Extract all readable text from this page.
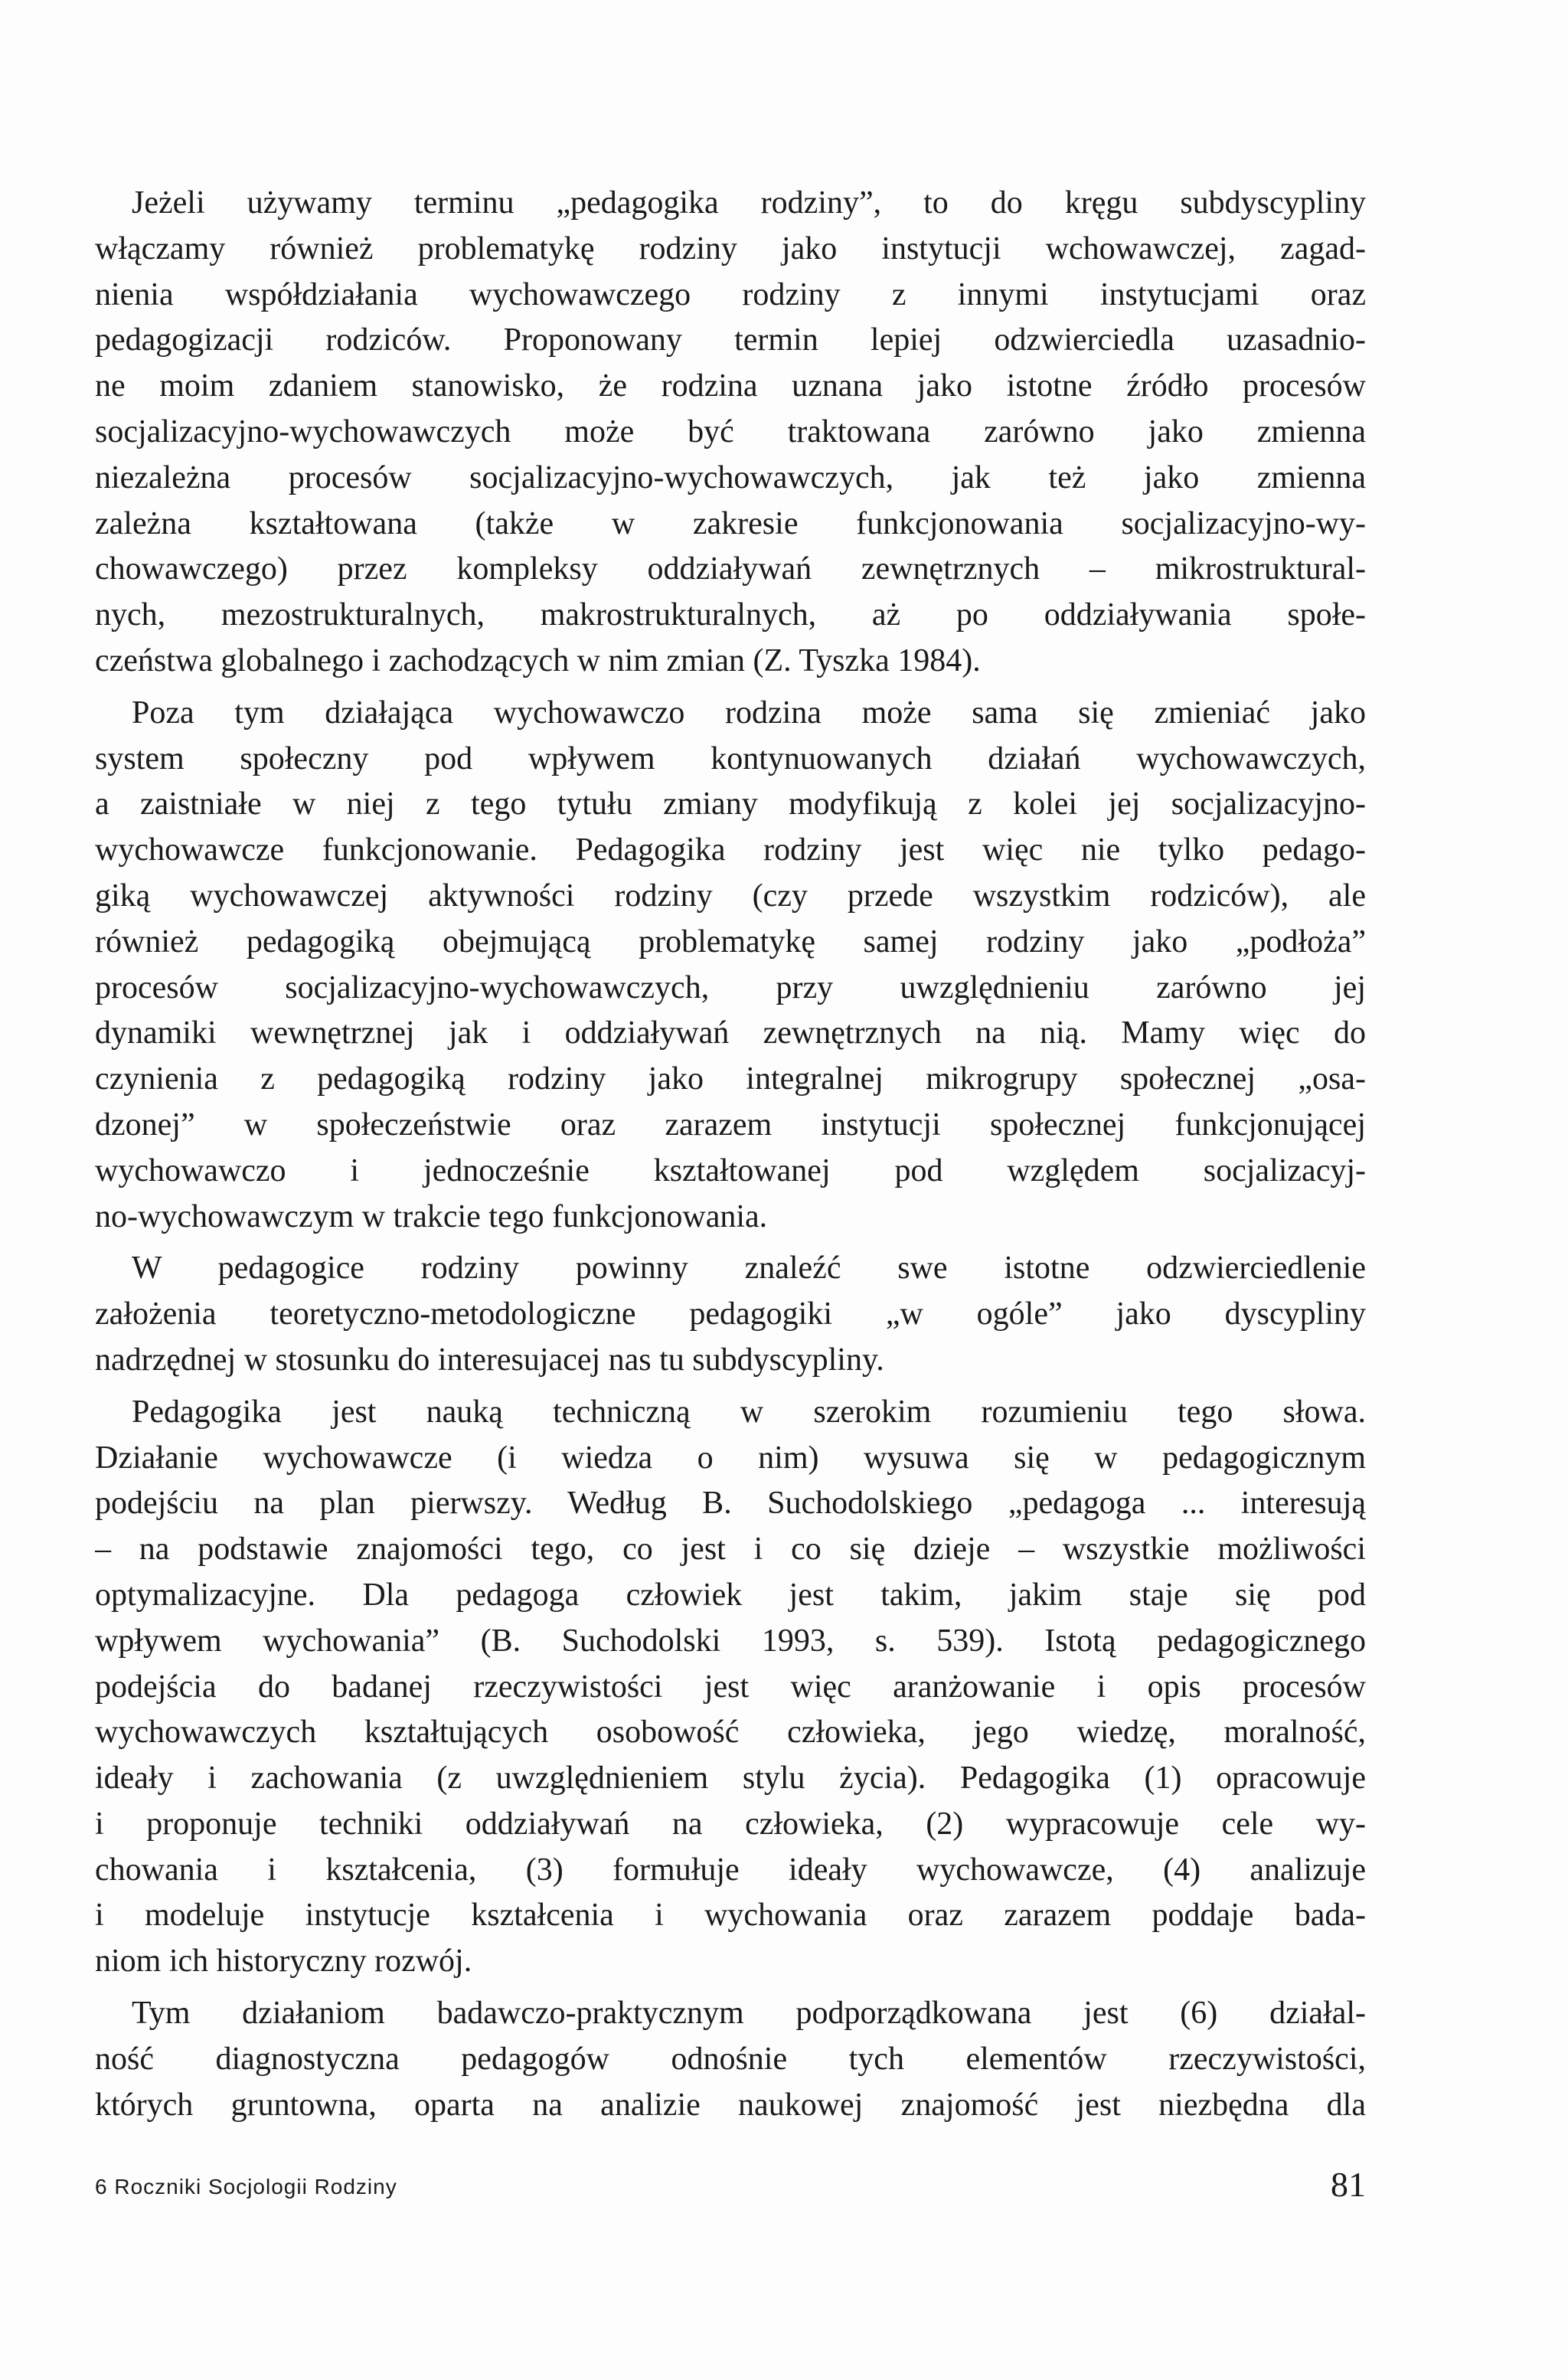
Jeżeli używamy terminu „pedagogika rodziny”, to do kręgu subdyscypliny
włączamy również problematykę rodziny jako instytucji wchowawczej, zagad-
nienia współdziałania wychowawczego rodziny z innymi instytucjami oraz
pedagogizacji rodziców. Proponowany termin lepiej odzwierciedla uzasadnio-
ne moim zdaniem stanowisko, że rodzina uznana jako istotne źródło procesów
socjalizacyjno-wychowawczych może być traktowana zarówno jako zmienna
niezależna procesów socjalizacyjno-wychowawczych, jak też jako zmienna
zależna kształtowana (także w zakresie funkcjonowania socjalizacyjno-wy-
chowawczego) przez kompleksy oddziaływań zewnętrznych – mikrostruktural-
nych, mezostrukturalnych, makrostrukturalnych, aż po oddziaływania społe-
czeństwa globalnego i zachodzących w nim zmian (Z. Tyszka 1984).
Poza tym działająca wychowawczo rodzina może sama się zmieniać jako
system społeczny pod wpływem kontynuowanych działań wychowawczych,
a zaistniałe w niej z tego tytułu zmiany modyfikują z kolei jej socjalizacyjno-
wychowawcze funkcjonowanie. Pedagogika rodziny jest więc nie tylko pedago-
giką wychowawczej aktywności rodziny (czy przede wszystkim rodziców), ale
również pedagogiką obejmującą problematykę samej rodziny jako „podłoża”
procesów socjalizacyjno-wychowawczych, przy uwzględnieniu zarówno jej
dynamiki wewnętrznej jak i oddziaływań zewnętrznych na nią. Mamy więc do
czynienia z pedagogiką rodziny jako integralnej mikrogrupy społecznej „osa-
dzonej” w społeczeństwie oraz zarazem instytucji społecznej funkcjonującej
wychowawczo i jednocześnie kształtowanej pod względem socjalizacyj-
no-wychowawczym w trakcie tego funkcjonowania.
W pedagogice rodziny powinny znaleźć swe istotne odzwierciedlenie
założenia teoretyczno-metodologiczne pedagogiki „w ogóle” jako dyscypliny
nadrzędnej w stosunku do interesujacej nas tu subdyscypliny.
Pedagogika jest nauką techniczną w szerokim rozumieniu tego słowa.
Działanie wychowawcze (i wiedza o nim) wysuwa się w pedagogicznym
podejściu na plan pierwszy. Według B. Suchodolskiego „pedagoga ... interesują
– na podstawie znajomości tego, co jest i co się dzieje – wszystkie możliwości
optymalizacyjne. Dla pedagoga człowiek jest takim, jakim staje się pod
wpływem wychowania” (B. Suchodolski 1993, s. 539). Istotą pedagogicznego
podejścia do badanej rzeczywistości jest więc aranżowanie i opis procesów
wychowawczych kształtujących osobowość człowieka, jego wiedzę, moralność,
ideały i zachowania (z uwzględnieniem stylu życia). Pedagogika (1) opracowuje
i proponuje techniki oddziaływań na człowieka, (2) wypracowuje cele wy-
chowania i kształcenia, (3) formułuje ideały wychowawcze, (4) analizuje
i modeluje instytucje kształcenia i wychowania oraz zarazem poddaje bada-
niom ich historyczny rozwój.
Tym działaniom badawczo-praktycznym podporządkowana jest (6) działal-
ność diagnostyczna pedagogów odnośnie tych elementów rzeczywistości,
których gruntowna, oparta na analizie naukowej znajomość jest niezbędna dla
6 Roczniki Socjologii Rodziny	81
